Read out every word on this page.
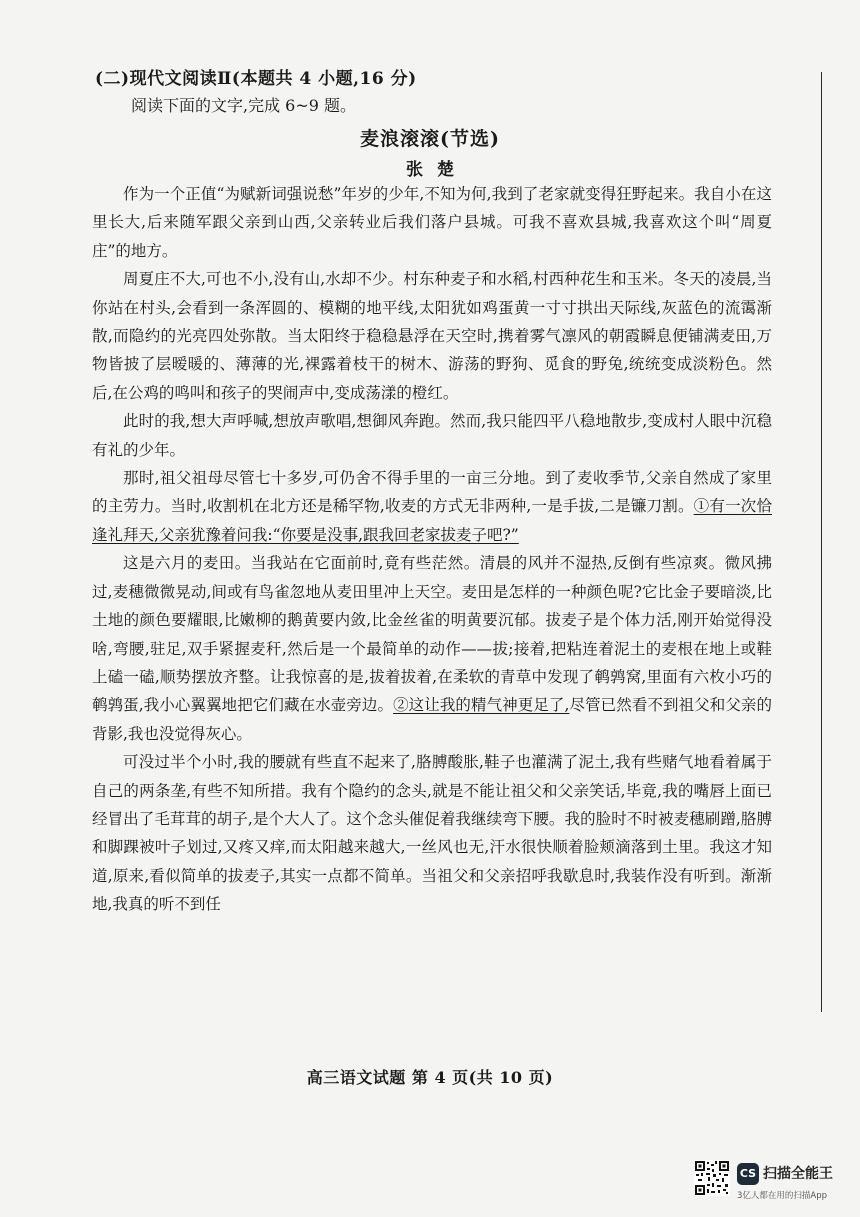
(二)现代文阅读Ⅱ(本题共 4 小题,16 分)
阅读下面的文字,完成 6~9 题。
麦浪滚滚(节选)
张楚

作为一个正值“为赋新词强说愁”年岁的少年,不知为何,我到了老家就变得狂野起来。我自小在这里长大,后来随军跟父亲到山西,父亲转业后我们落户县城。可我不喜欢县城,我喜欢这个叫“周夏庄”的地方。

周夏庄不大,可也不小,没有山,水却不少。村东种麦子和水稻,村西种花生和玉米。冬天的凌晨,当你站在村头,会看到一条浑圆的、模糊的地平线,太阳犹如鸡蛋黄一寸寸拱出天际线,灰蓝色的流霭渐散,而隐约的光亮四处弥散。当太阳终于稳稳悬浮在天空时,携着雾气凛风的朝霞瞬息便铺满麦田,万物皆披了层暧暖的、薄薄的光,裸露着枝干的树木、游荡的野狗、觅食的野兔,统统变成淡粉色。然后,在公鸡的鸣叫和孩子的哭闹声中,变成荡漾的橙红。

此时的我,想大声呼喊,想放声歌唱,想御风奔跑。然而,我只能四平八稳地散步,变成村人眼中沉稳有礼的少年。

那时,祖父祖母尽管七十多岁,可仍舍不得手里的一亩三分地。到了麦收季节,父亲自然成了家里的主劳力。当时,收割机在北方还是稀罕物,收麦的方式无非两种,一是手拔,二是镰刀割。①有一次恰逢礼拜天,父亲犹豫着问我:“你要是没事,跟我回老家拔麦子吧?”

这是六月的麦田。当我站在它面前时,竟有些茫然。清晨的风并不湿热,反倒有些凉爽。微风拂过,麦穗微微晃动,间或有鸟雀忽地从麦田里冲上天空。麦田是怎样的一种颜色呢?它比金子要暗淡,比土地的颜色要耀眼,比嫩柳的鹅黄要内敛,比金丝雀的明黄要沉郁。拔麦子是个体力活,刚开始觉得没啥,弯腰,驻足,双手紧握麦秆,然后是一个最简单的动作——拔;接着,把粘连着泥土的麦根在地上或鞋上磕一磕,顺势摆放齐整。让我惊喜的是,拔着拔着,在柔软的青草中发现了鹌鹑窝,里面有六枚小巧的鹌鹑蛋,我小心翼翼地把它们藏在水壶旁边。②这让我的精气神更足了,尽管已然看不到祖父和父亲的背影,我也没觉得灰心。

可没过半个小时,我的腰就有些直不起来了,胳膊酸胀,鞋子也灌满了泥土,我有些赌气地看着属于自己的两条垄,有些不知所措。我有个隐约的念头,就是不能让祖父和父亲笑话,毕竟,我的嘴唇上面已经冒出了毛茸茸的胡子,是个大人了。这个念头催促着我继续弯下腰。我的脸时不时被麦穗刷蹭,胳膊和脚踝被叶子划过,又疼又痒,而太阳越来越大,一丝风也无,汗水很快顺着脸颊滴落到土里。我这才知道,原来,看似简单的拔麦子,其实一点都不简单。当祖父和父亲招呼我歇息时,我装作没有听到。渐渐地,我真的听不到任

高三语文试题 第 4 页(共 10 页)
CS 扫描全能王
3亿人都在用的扫描App
